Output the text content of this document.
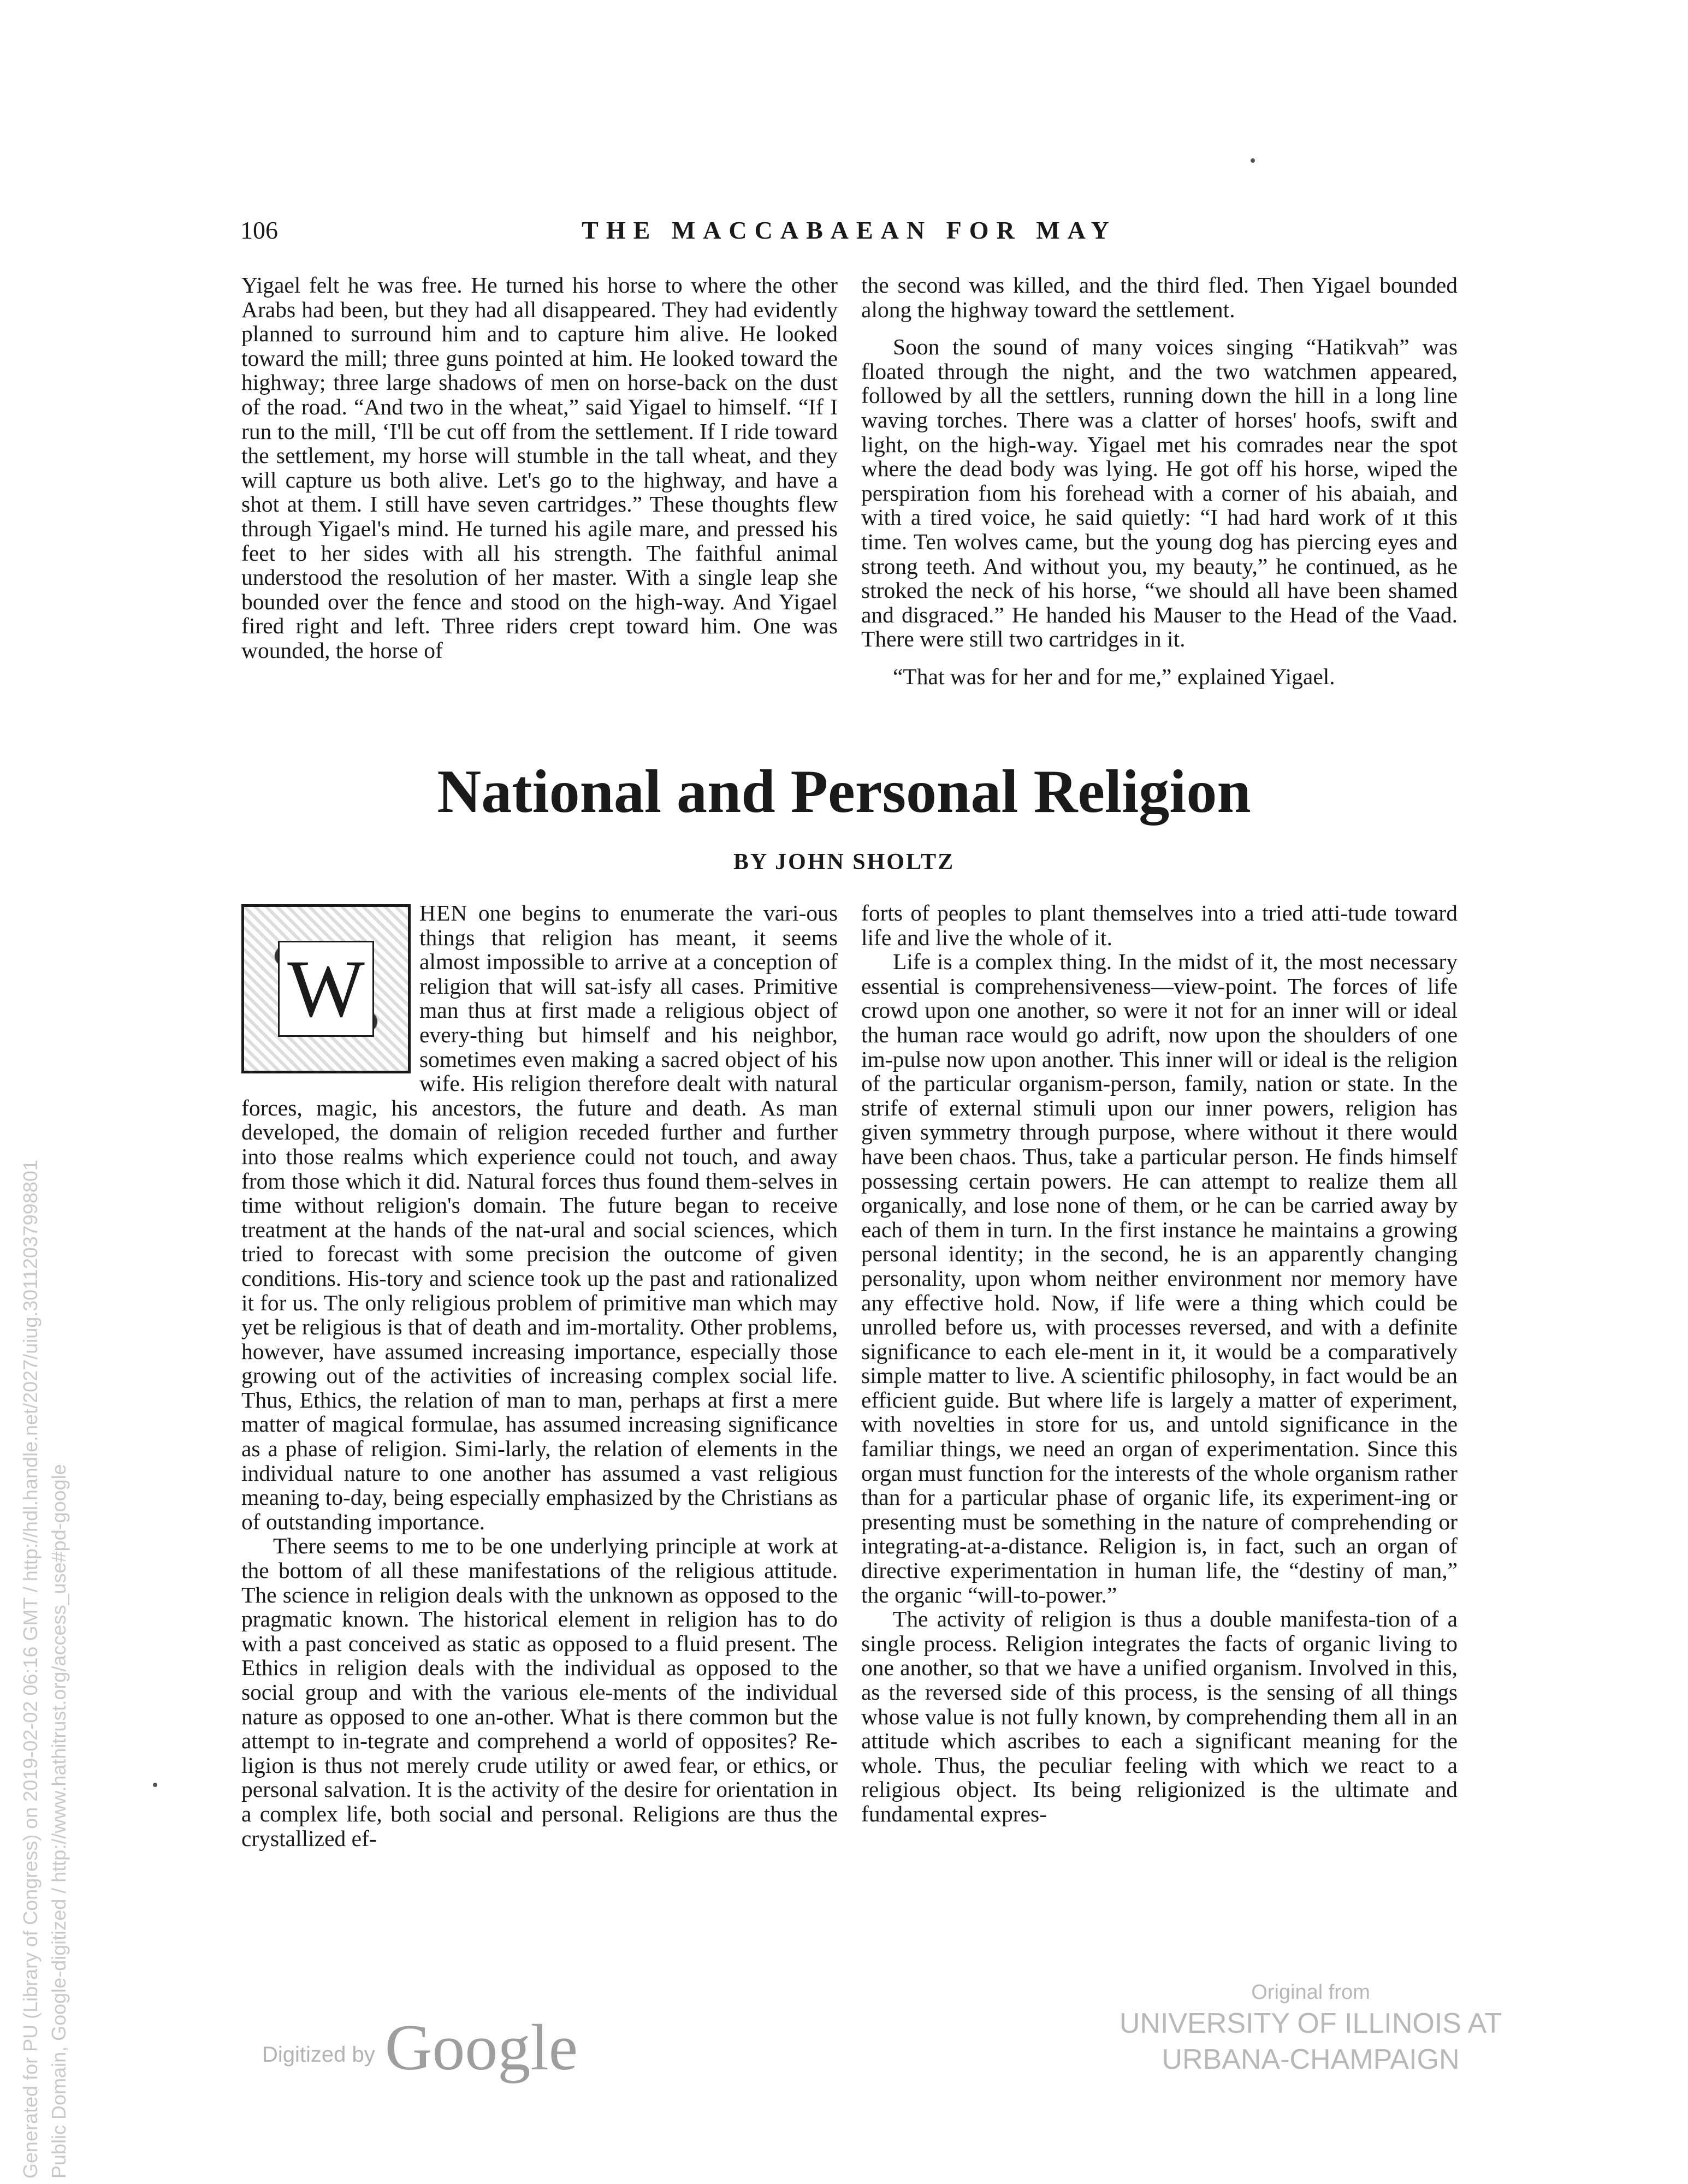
106	THE MACCABAEAN FOR MAY

Yigael felt he was free. He turned his horse to where the other Arabs had been, but they had all disappeared. They had evidently planned to surround him and to capture him alive. He looked toward the mill; three guns pointed at him. He looked toward the highway; three large shadows of men on horse-back on the dust of the road. “And two in the wheat,” said Yigael to himself. “If I run to the mill, ‘I'll be cut off from the settlement. If I ride toward the settlement, my horse will stumble in the tall wheat, and they will capture us both alive. Let's go to the highway, and have a shot at them. I still have seven cartridges.” These thoughts flew through Yigael's mind. He turned his agile mare, and pressed his feet to her sides with all his strength. The faithful animal understood the resolution of her master. With a single leap she bounded over the fence and stood on the high-way. And Yigael fired right and left. Three riders crept toward him. One was wounded, the horse of

the second was killed, and the third fled. Then Yigael bounded along the highway toward the settlement.

Soon the sound of many voices singing “Hatikvah” was floated through the night, and the two watchmen appeared, followed by all the settlers, running down the hill in a long line waving torches. There was a clatter of horses' hoofs, swift and light, on the high-way. Yigael met his comrades near the spot where the dead body was lying. He got off his horse, wiped the perspiration fıom his forehead with a corner of his abaiah, and with a tired voice, he said quietly: “I had hard work of ıt this time. Ten wolves came, but the young dog has piercing eyes and strong teeth. And without you, my beauty,” he continued, as he stroked the neck of his horse, “we should all have been shamed and disgraced.” He handed his Mauser to the Head of the Vaad. There were still two cartridges in it.

“That was for her and for me,” explained Yigael.

National and Personal Religion
BY JOHN SHOLTZ
W

HEN one begins to enumerate the vari-ous things that religion has meant, it seems almost impossible to arrive at a conception of religion that will sat-isfy all cases. Primitive man thus at first made a religious object of every-thing but himself and his neighbor, sometimes even making a sacred object of his wife. His religion therefore dealt with natural forces, magic, his ancestors, the future and death. As man developed, the domain of religion receded further and further into those realms which experience could not touch, and away from those which it did. Natural forces thus found them-selves in time without religion's domain. The future began to receive treatment at the hands of the nat-ural and social sciences, which tried to forecast with some precision the outcome of given conditions. His-tory and science took up the past and rationalized it for us. The only religious problem of primitive man which may yet be religious is that of death and im-mortality. Other problems, however, have assumed increasing importance, especially those growing out of the activities of increasing complex social life. Thus, Ethics, the relation of man to man, perhaps at first a mere matter of magical formulae, has assumed increasing significance as a phase of religion. Simi-larly, the relation of elements in the individual nature to one another has assumed a vast religious meaning to-day, being especially emphasized by the Christians as of outstanding importance.

There seems to me to be one underlying principle at work at the bottom of all these manifestations of the religious attitude. The science in religion deals with the unknown as opposed to the pragmatic known. The historical element in religion has to do with a past conceived as static as opposed to a fluid present. The Ethics in religion deals with the individual as opposed to the social group and with the various ele-ments of the individual nature as opposed to one an-other. What is there common but the attempt to in-tegrate and comprehend a world of opposites? Re-ligion is thus not merely crude utility or awed fear, or ethics, or personal salvation. It is the activity of the desire for orientation in a complex life, both social and personal. Religions are thus the crystallized ef-

forts of peoples to plant themselves into a tried atti-tude toward life and live the whole of it.

Life is a complex thing. In the midst of it, the most necessary essential is comprehensiveness—view-point. The forces of life crowd upon one another, so were it not for an inner will or ideal the human race would go adrift, now upon the shoulders of one im-pulse now upon another. This inner will or ideal is the religion of the particular organism-person, family, nation or state. In the strife of external stimuli upon our inner powers, religion has given symmetry through purpose, where without it there would have been chaos. Thus, take a particular person. He finds himself possessing certain powers. He can attempt to realize them all organically, and lose none of them, or he can be carried away by each of them in turn. In the first instance he maintains a growing personal identity; in the second, he is an apparently changing personality, upon whom neither environment nor memory have any effective hold. Now, if life were a thing which could be unrolled before us, with processes reversed, and with a definite significance to each ele-ment in it, it would be a comparatively simple matter to live. A scientific philosophy, in fact would be an efficient guide. But where life is largely a matter of experiment, with novelties in store for us, and untold significance in the familiar things, we need an organ of experimentation. Since this organ must function for the interests of the whole organism rather than for a particular phase of organic life, its experiment-ing or presenting must be something in the nature of comprehending or integrating-at-a-distance. Religion is, in fact, such an organ of directive experimentation in human life, the “destiny of man,” the organic “will-to-power.”

The activity of religion is thus a double manifesta-tion of a single process. Religion integrates the facts of organic living to one another, so that we have a unified organism. Involved in this, as the reversed side of this process, is the sensing of all things whose value is not fully known, by comprehending them all in an attitude which ascribes to each a significant meaning for the whole. Thus, the peculiar feeling with which we react to a religious object. Its being religionized is the ultimate and fundamental expres-

Generated for PU (Library of Congress) on 2019-02-02 06:16 GMT / http://hdl.handle.net/2027/uiug.30112037998801 Public Domain, Google-digitized / http://www.hathitrust.org/access_use#pd-google	Digitized by Google
Original from
UNIVERSITY OF ILLINOIS AT
URBANA-CHAMPAIGN
